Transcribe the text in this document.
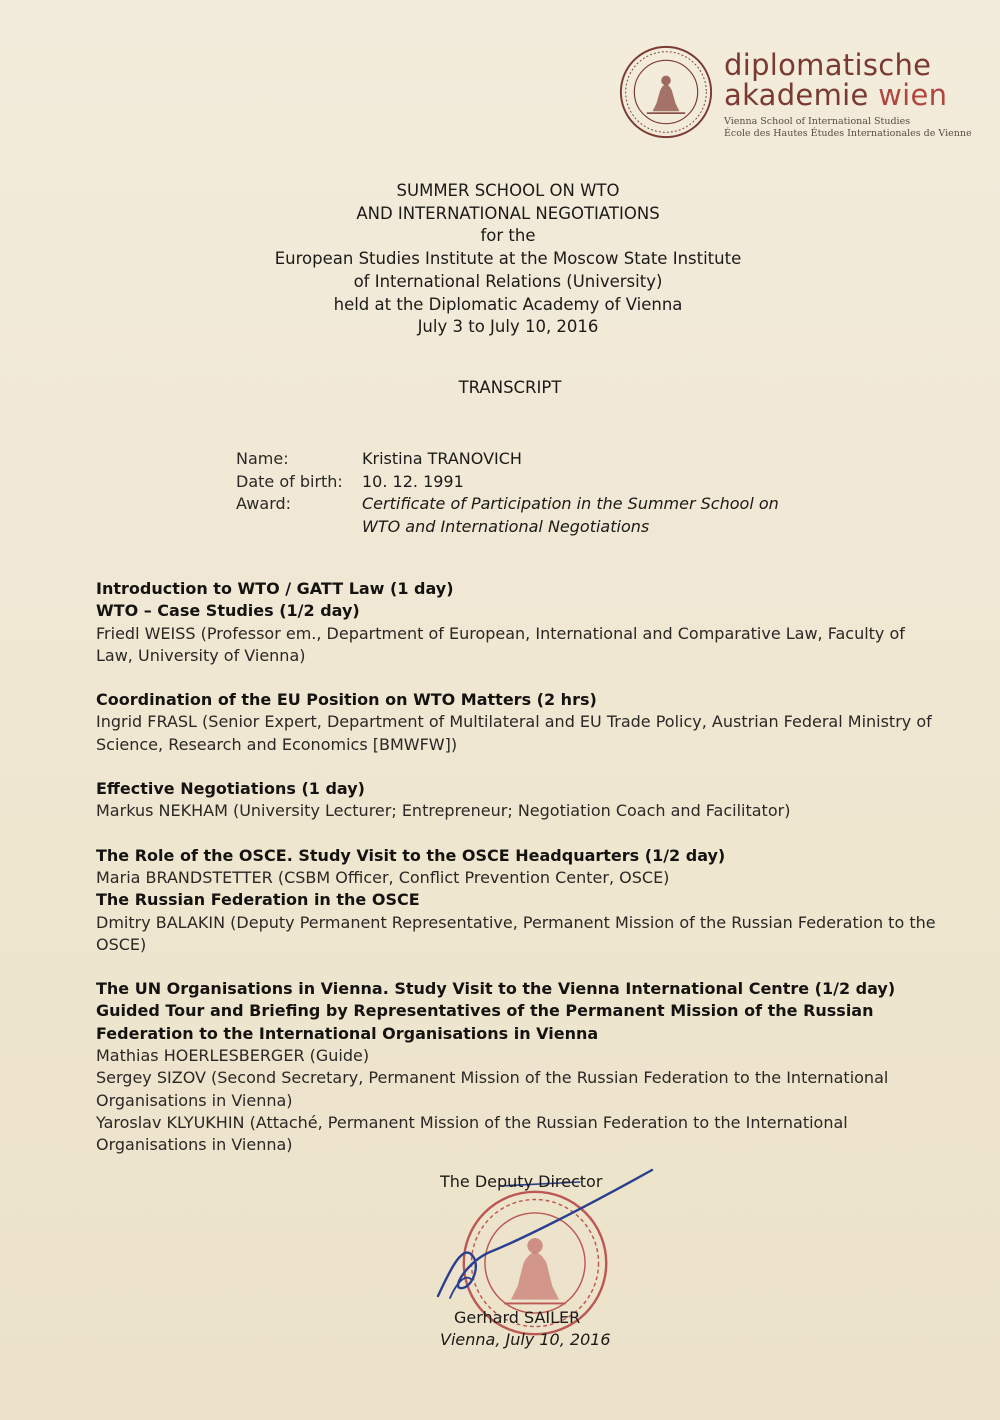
diplomatische
akademie wien
Vienna School of International Studies
École des Hautes Études Internationales de Vienne
SUMMER SCHOOL ON WTO
AND INTERNATIONAL NEGOTIATIONS
for the
European Studies Institute at the Moscow State Institute
of International Relations (University)
held at the Diplomatic Academy of Vienna
July 3 to July 10, 2016
TRANSCRIPT
Name:	Kristina TRANOVICH
Date of birth:	10. 12. 1991
Award:	Certificate of Participation in the Summer School on WTO and International Negotiations
Introduction to WTO / GATT Law (1 day)
WTO – Case Studies (1/2 day)
Friedl WEISS (Professor em., Department of European, International and Comparative Law, Faculty of Law, University of Vienna)
Coordination of the EU Position on WTO Matters (2 hrs)
Ingrid FRASL (Senior Expert, Department of Multilateral and EU Trade Policy, Austrian Federal Ministry of Science, Research and Economics [BMWFW])
Effective Negotiations (1 day)
Markus NEKHAM (University Lecturer; Entrepreneur; Negotiation Coach and Facilitator)
The Role of the OSCE. Study Visit to the OSCE Headquarters (1/2 day)
Maria BRANDSTETTER (CSBM Officer, Conflict Prevention Center, OSCE)
The Russian Federation in the OSCE
Dmitry BALAKIN (Deputy Permanent Representative, Permanent Mission of the Russian Federation to the OSCE)
The UN Organisations in Vienna. Study Visit to the Vienna International Centre (1/2 day)
Guided Tour and Briefing by Representatives of the Permanent Mission of the Russian Federation to the International Organisations in Vienna
Mathias HOERLESBERGER (Guide)
Sergey SIZOV (Second Secretary, Permanent Mission of the Russian Federation to the International Organisations in Vienna)
Yaroslav KLYUKHIN (Attaché, Permanent Mission of the Russian Federation to the International Organisations in Vienna)
The Deputy Director
Gerhard SAILER
Vienna, July 10, 2016
